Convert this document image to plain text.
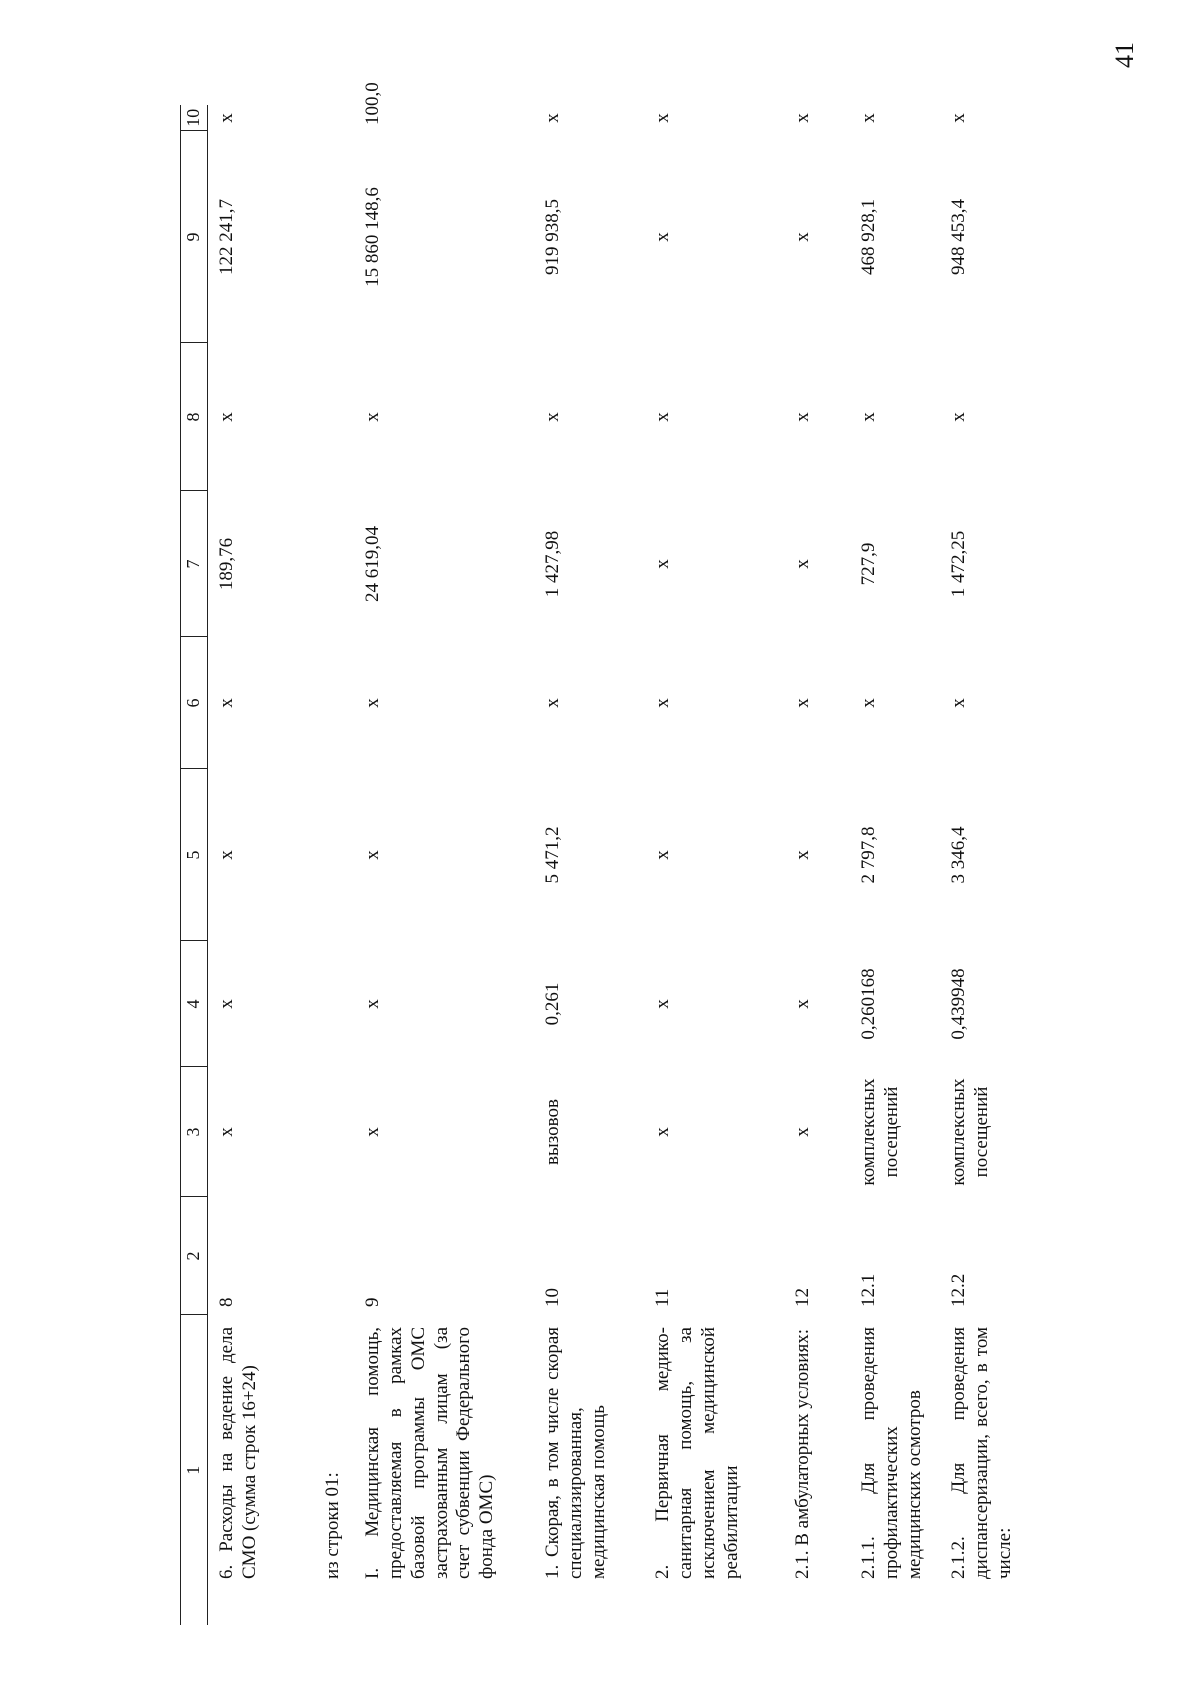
41
1	2	3	4	5	6	7	8	9	10
6. Расходы на ведение дела СМО (сумма строк 16+24)	8	х	х	х	х	189,76	х	122 241,7	х
из строки 01:									
I. Медицинская помощь, предоставляемая в рамках базовой программы ОМС застрахованным лицам (за счет субвенции Федерального фонда ОМС)	9	х	х	х	х	24 619,04	х	15 860 148,6	100,0
1. Скорая, в том числе скорая специализированная, медицинская помощь	10	вызовов	0,261	5 471,2	х	1 427,98	х	919 938,5	х
2. Первичная медико-санитарная помощь, за исключением медицинской реабилитации	11	х	х	х	х	х	х	х	х
2.1. В амбулаторных условиях:	12	х	х	х	х	х	х	х	х
2.1.1. Для проведения профилактических медицинских осмотров	12.1	комплексных посещений	0,260168	2 797,8	х	727,9	х	468 928,1	х
2.1.2. Для проведения диспансеризации, всего, в том числе:	12.2	комплексных посещений	0,439948	3 346,4	х	1 472,25	х	948 453,4	х
